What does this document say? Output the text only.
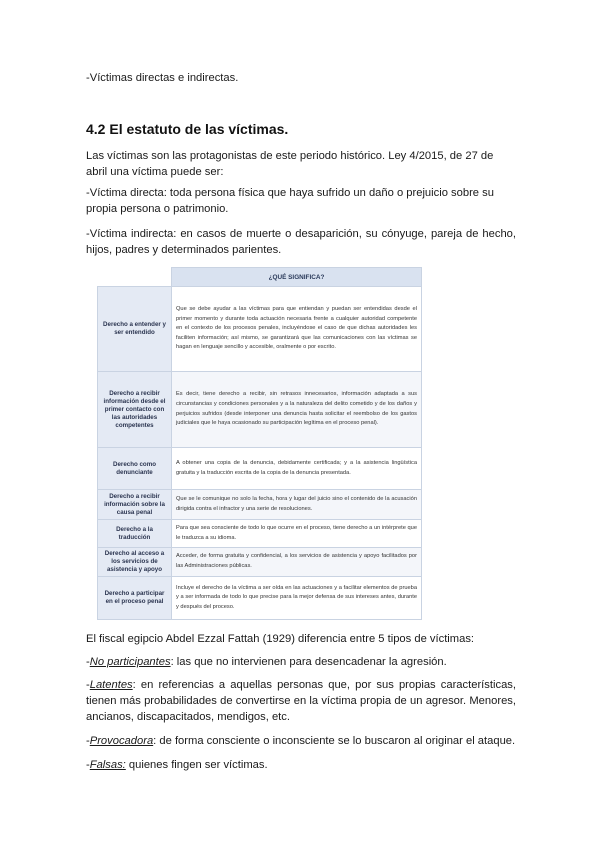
-Víctimas directas e indirectas.
4.2 El estatuto de las víctimas.
Las víctimas son las protagonistas de este periodo histórico. Ley 4/2015, de 27 de abril una víctima puede ser:
-Víctima directa: toda persona física que haya sufrido un daño o prejuicio sobre su propia persona o patrimonio.
-Víctima indirecta: en casos de muerte o desaparición, su cónyuge, pareja de hecho, hijos, padres y determinados parientes.
	¿QUÉ SIGNIFICA?
Derecho a entender y ser entendido	Que se debe ayudar a las víctimas para que entiendan y puedan ser entendidas desde el primer momento y durante toda actuación necesaria frente a cualquier autoridad competente en el contexto de los procesos penales, incluyéndose el caso de que dichas autoridades les faciliten información; así mismo, se garantizará que las comunicaciones con las víctimas se hagan en lenguaje sencillo y accesible, oralmente o por escrito.
Derecho a recibir información desde el primer contacto con las autoridades competentes	Es decir, tiene derecho a recibir, sin retrasos innecesarios, información adaptada a sus circunstancias y condiciones personales y a la naturaleza del delito cometido y de los daños y perjuicios sufridos (desde interponer una denuncia hasta solicitar el reembolso de los gastos judiciales que le haya ocasionado su participación legítima en el proceso penal).
Derecho como denunciante	A obtener una copia de la denuncia, debidamente certificada; y a la asistencia lingüística gratuita y la traducción escrita de la copia de la denuncia presentada.
Derecho a recibir información sobre la causa penal	Que se le comunique no solo la fecha, hora y lugar del juicio sino el contenido de la acusación dirigida contra el infractor y una serie de resoluciones.
Derecho a la traducción	Para que sea consciente de todo lo que ocurre en el proceso, tiene derecho a un intérprete que le traduzca a su idioma.
Derecho al acceso a los servicios de asistencia y apoyo	Acceder, de forma gratuita y confidencial, a los servicios de asistencia y apoyo facilitados por las Administraciones públicas.
Derecho a participar en el proceso penal	Incluye el derecho de la víctima a ser oída en las actuaciones y a facilitar elementos de prueba y a ser informada de todo lo que precise para la mejor defensa de sus intereses antes, durante y después del proceso.
El fiscal egipcio Abdel Ezzal Fattah (1929) diferencia entre 5 tipos de víctimas:
-No participantes: las que no intervienen para desencadenar la agresión.
-Latentes: en referencias a aquellas personas que, por sus propias características, tienen más probabilidades de convertirse en la víctima propia de un agresor. Menores, ancianos, discapacitados, mendigos, etc.
-Provocadora: de forma consciente o inconsciente se lo buscaron al originar el ataque.
-Falsas: quienes fingen ser víctimas.
